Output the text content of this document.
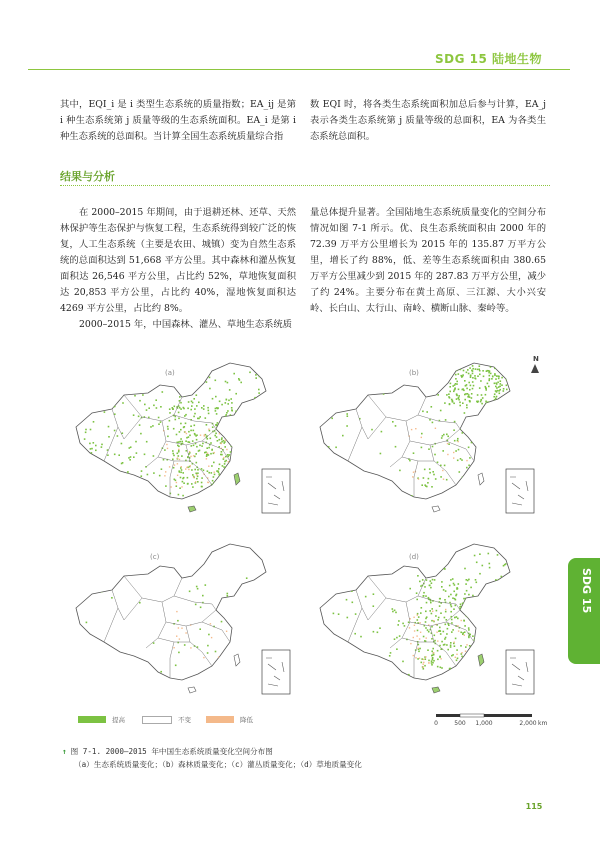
SDG 15 陆地生物

其中，EQI_i 是 i 类型生态系统的质量指数；EA_ij 是第 i 种生态系统第 j 质量等级的生态系统面积。EA_i 是第 i 种生态系统的总面积。当计算全国生态系统质量综合指

数 EQI 时，将各类生态系统面积加总后参与计算，EA_j 表示各类生态系统第 j 质量等级的总面积，EA 为各类生态系统总面积。

结果与分析

在 2000–2015 年期间，由于退耕还林、还草、天然林保护等生态保护与恢复工程，生态系统得到较广泛的恢复，人工生态系统（主要是农田、城镇）变为自然生态系统的总面积达到 51,668 平方公里。其中森林和灌丛恢复面积达 26,546 平方公里，占比约 52%，草地恢复面积达 20,853 平方公里，占比约 40%，湿地恢复面积达 4269 平方公里，占比约 8%。

2000–2015 年，中国森林、灌丛、草地生态系统质

量总体提升显著。全国陆地生态系统质量变化的空间分布情况如图 7-1 所示。优、良生态系统面积由 2000 年的 72.39 万平方公里增长为 2015 年的 135.87 万平方公里，增长了约 88%，低、差等生态系统面积由 380.65 万平方公里减少到 2015 年的 287.83 万平方公里，减少了约 24%。主要分布在黄土高原、三江源、大小兴安岭、长白山、太行山、南岭、横断山脉、秦岭等。

(a)	(b)
N
(c)	(d)
提高	不变	降低	0	500 1,000	2,000 km
↑ 图 7-1. 2000–2015 年中国生态系统质量变化空间分布图
（a）生态系统质量变化；（b）森林质量变化；（c）灌丛质量变化；（d）草地质量变化
SDG 15
115
